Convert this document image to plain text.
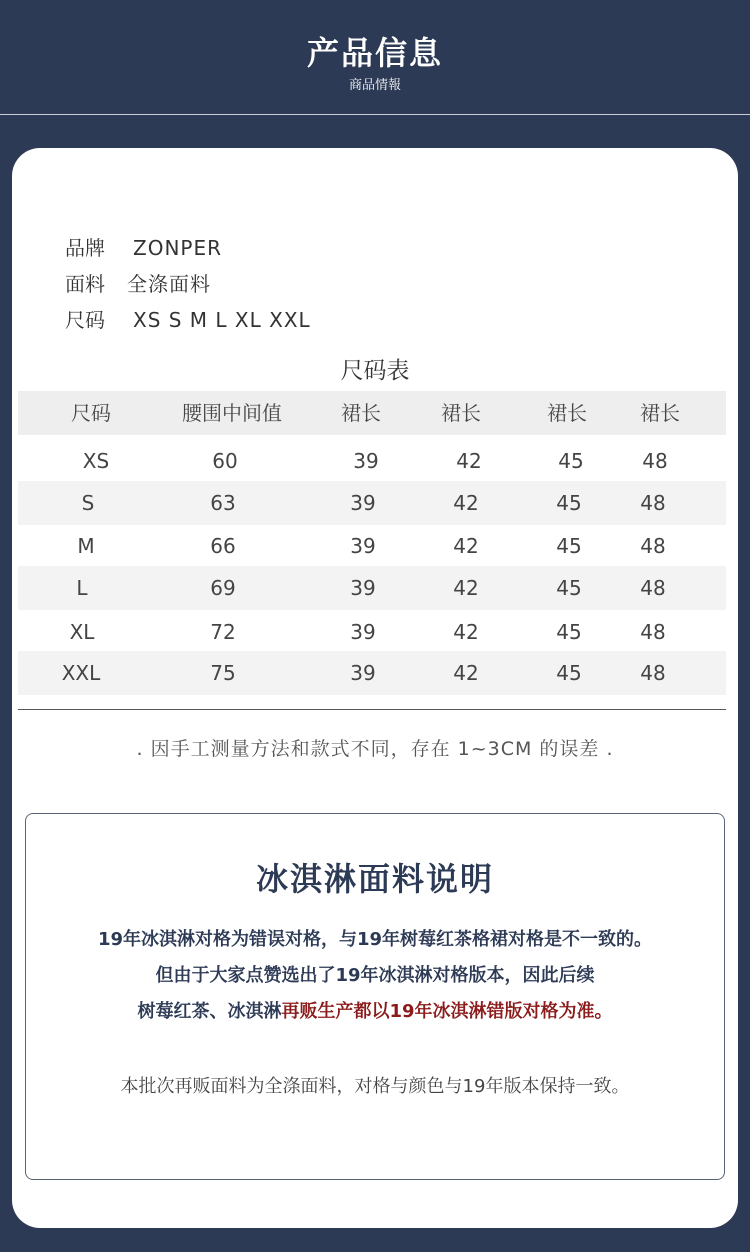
产品信息
商品情報
品牌 ZONPER
面料 全涤面料
尺码 XS S M L XL XXL
尺码表
尺码	腰围中间值	裙长	裙长	裙长	裙长
XS	60	39	42	45	48
S	63	39	42	45	48
M	66	39	42	45	48
L	69	39	42	45	48
XL	72	39	42	45	48
XXL	75	39	42	45	48
. 因手工测量方法和款式不同，存在 1~3CM 的误差 .
冰淇淋面料说明
19年冰淇淋对格为错误对格，与19年树莓红茶格裙对格是不一致的。
但由于大家点赞选出了19年冰淇淋对格版本，因此后续
树莓红茶、冰淇淋再贩生产都以19年冰淇淋错版对格为准。
本批次再贩面料为全涤面料，对格与颜色与19年版本保持一致。
